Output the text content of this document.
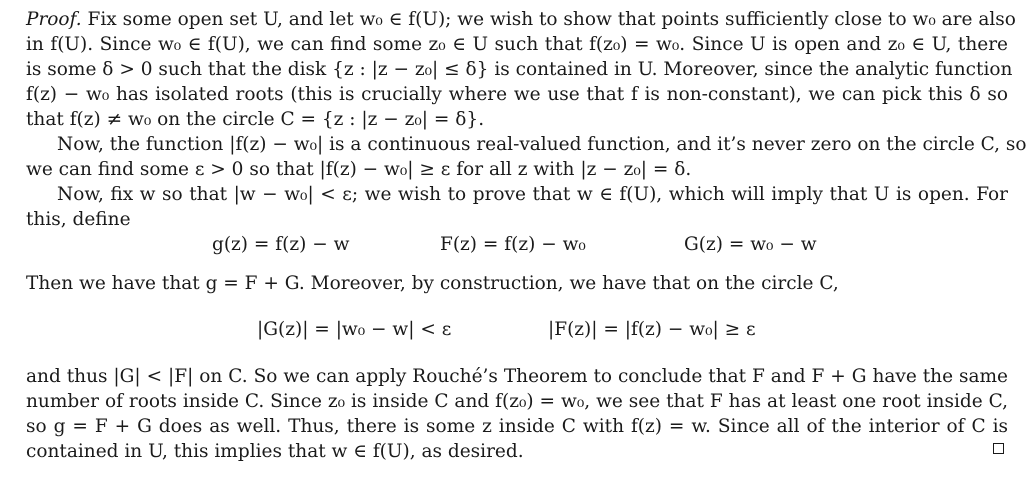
Proof. Fix some open set U, and let w₀ ∈ f(U); we wish to show that points sufficiently close to w₀ are also
in f(U). Since w₀ ∈ f(U), we can find some z₀ ∈ U such that f(z₀) = w₀. Since U is open and z₀ ∈ U, there
is some δ > 0 such that the disk {z : |z − z₀| ≤ δ} is contained in U. Moreover, since the analytic function
f(z) − w₀ has isolated roots (this is crucially where we use that f is non-constant), we can pick this δ so
that f(z) ≠ w₀ on the circle C = {z : |z − z₀| = δ}.
Now, the function |f(z) − w₀| is a continuous real-valued function, and it’s never zero on the circle C, so
we can find some ε > 0 so that |f(z) − w₀| ≥ ε for all z with |z − z₀| = δ.
Now, fix w so that |w − w₀| < ε; we wish to prove that w ∈ f(U), which will imply that U is open. For
this, define
g(z) = f(z) − w	F(z) = f(z) − w₀	G(z) = w₀ − w
Then we have that g = F + G. Moreover, by construction, we have that on the circle C,
|G(z)| = |w₀ − w| < ε	|F(z)| = |f(z) − w₀| ≥ ε
and thus |G| < |F| on C. So we can apply Rouché’s Theorem to conclude that F and F + G have the same
number of roots inside C. Since z₀ is inside C and f(z₀) = w₀, we see that F has at least one root inside C,
so g = F + G does as well. Thus, there is some z inside C with f(z) = w. Since all of the interior of C is
contained in U, this implies that w ∈ f(U), as desired.
